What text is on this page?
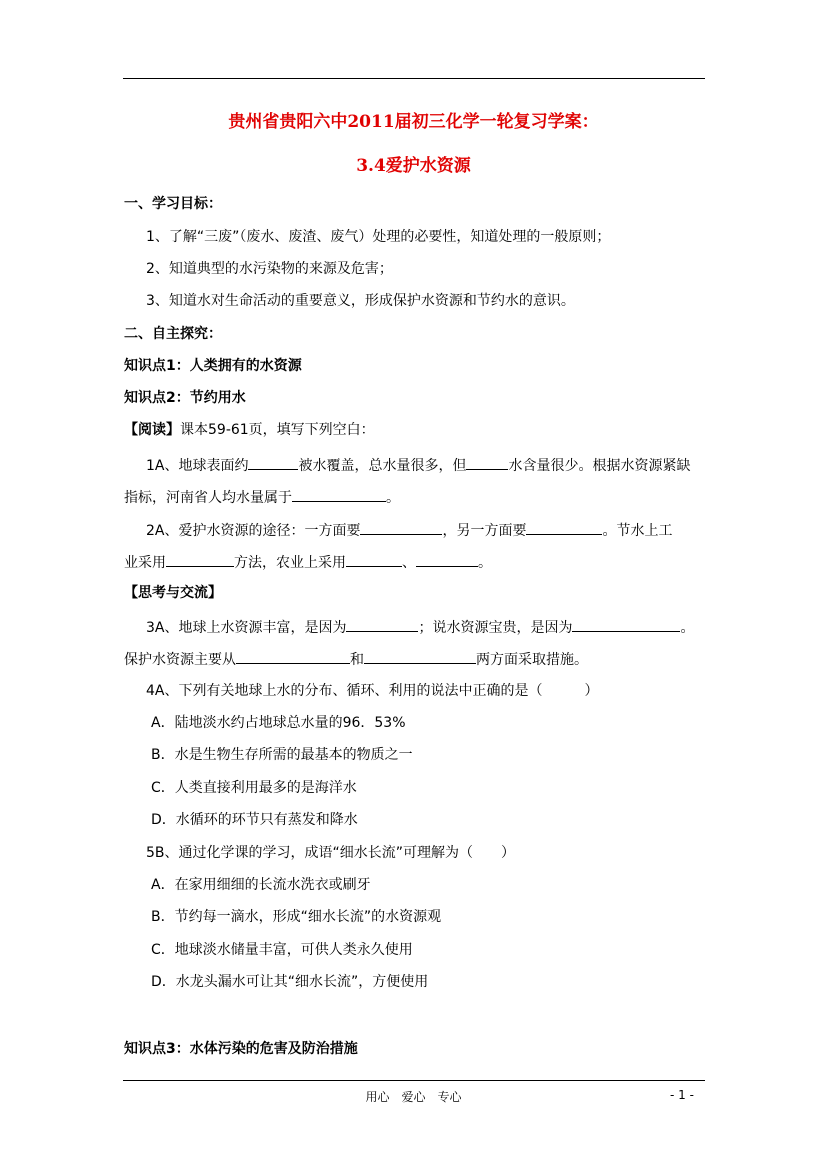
贵州省贵阳六中2011届初三化学一轮复习学案：
3.4爱护水资源
一、学习目标：
1、了解“三废”（废水、废渣、废气）处理的必要性，知道处理的一般原则；
2、知道典型的水污染物的来源及危害；
3、知道水对生命活动的重要意义，形成保护水资源和节约水的意识。
二、自主探究：
知识点1：人类拥有的水资源
知识点2：节约用水
【阅读】课本59-61页，填写下列空白：
1A、地球表面约	被水覆盖，总水量很多，但	水含量很少。根据水资源紧缺
指标，河南省人均水量属于	。
2A、爱护水资源的途径：一方面要	，另一方面要	。节水上工
业采用	方法，农业上采用	、	。
【思考与交流】
3A、地球上水资源丰富，是因为	；说水资源宝贵，是因为	。
保护水资源主要从	和	两方面采取措施。
4A、下列有关地球上水的分布、循环、利用的说法中正确的是（　　　）
A．陆地淡水约占地球总水量的96．53%
B．水是生物生存所需的最基本的物质之一
C．人类直接利用最多的是海洋水
D．水循环的环节只有蒸发和降水
5B、通过化学课的学习，成语“细水长流”可理解为（　　）
A．在家用细细的长流水洗衣或刷牙
B．节约每一滴水，形成“细水长流”的水资源观
C．地球淡水储量丰富，可供人类永久使用
D．水龙头漏水可让其“细水长流”，方便使用
知识点3：水体污染的危害及防治措施
用心　爱心　专心	- 1 -
